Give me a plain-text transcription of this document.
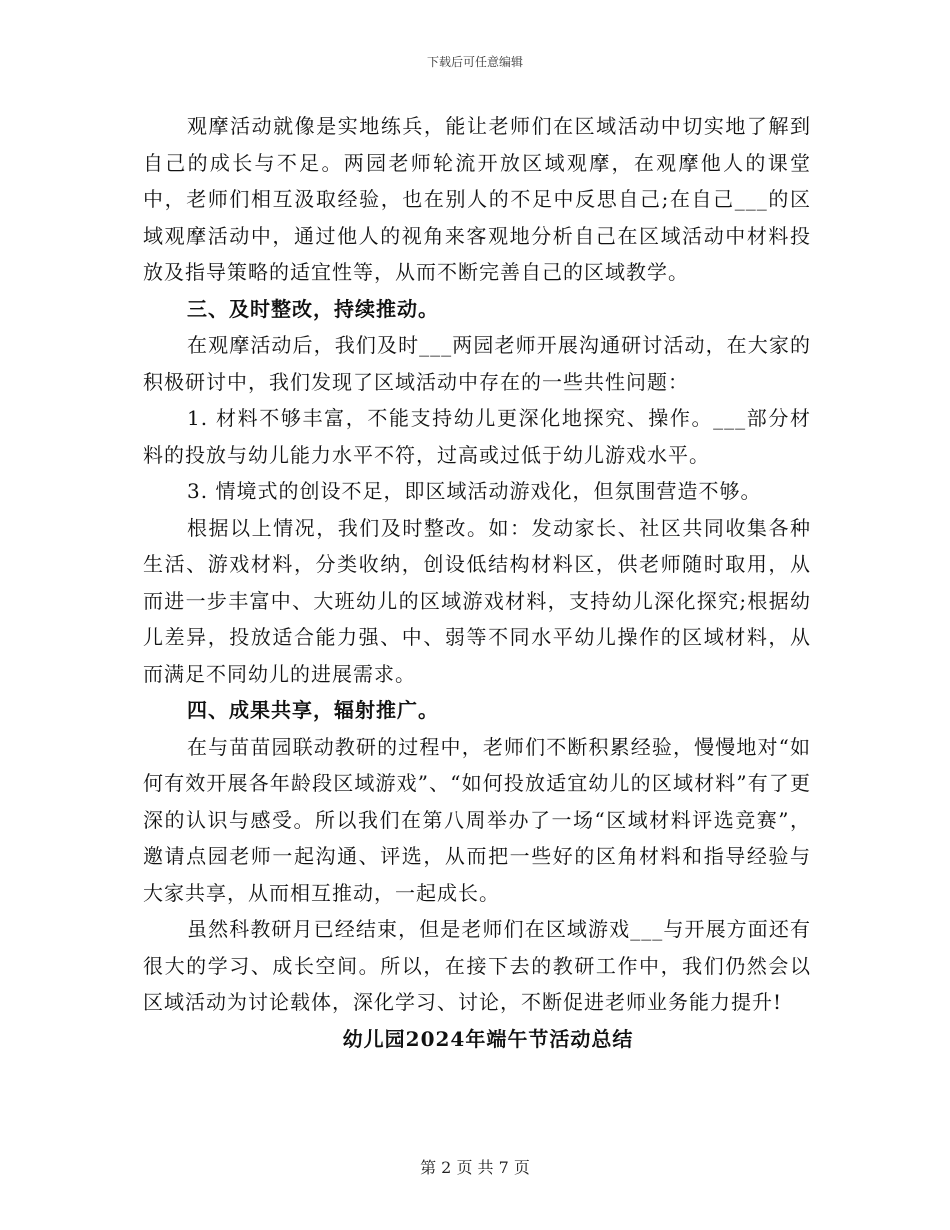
下载后可任意编辑

观摩活动就像是实地练兵，能让老师们在区域活动中切实地了解到自己的成长与不足。两园老师轮流开放区域观摩，在观摩他人的课堂中，老师们相互汲取经验，也在别人的不足中反思自己;在自己___的区域观摩活动中，通过他人的视角来客观地分析自己在区域活动中材料投放及指导策略的适宜性等，从而不断完善自己的区域教学。

三、及时整改，持续推动。

在观摩活动后，我们及时___两园老师开展沟通研讨活动，在大家的积极研讨中，我们发现了区域活动中存在的一些共性问题：

1. 材料不够丰富，不能支持幼儿更深化地探究、操作。___部分材料的投放与幼儿能力水平不符，过高或过低于幼儿游戏水平。

3. 情境式的创设不足，即区域活动游戏化，但氛围营造不够。

根据以上情况，我们及时整改。如：发动家长、社区共同收集各种生活、游戏材料，分类收纳，创设低结构材料区，供老师随时取用，从而进一步丰富中、大班幼儿的区域游戏材料，支持幼儿深化探究;根据幼儿差异，投放适合能力强、中、弱等不同水平幼儿操作的区域材料，从而满足不同幼儿的进展需求。

四、成果共享，辐射推广。

在与苗苗园联动教研的过程中，老师们不断积累经验，慢慢地对“如何有效开展各年龄段区域游戏”、“如何投放适宜幼儿的区域材料”有了更深的认识与感受。所以我们在第八周举办了一场“区域材料评选竞赛”，邀请点园老师一起沟通、评选，从而把一些好的区角材料和指导经验与大家共享，从而相互推动，一起成长。

虽然科教研月已经结束，但是老师们在区域游戏___与开展方面还有很大的学习、成长空间。所以，在接下去的教研工作中，我们仍然会以区域活动为讨论载体，深化学习、讨论，不断促进老师业务能力提升!

幼儿园2024年端午节活动总结

第 2 页 共 7 页
